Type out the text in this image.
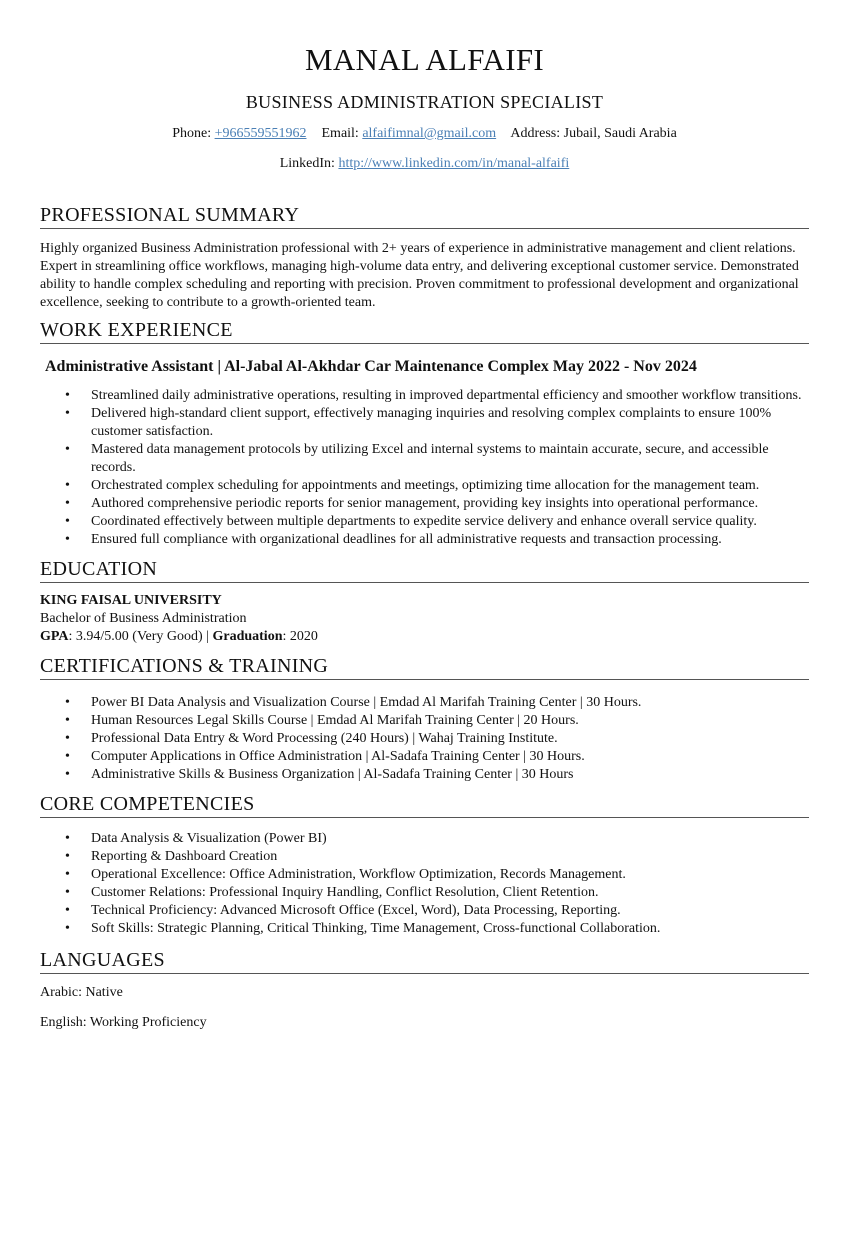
MANAL ALFAIFI
BUSINESS ADMINISTRATION SPECIALIST
Phone: +966559551962 Email: alfaifimnal@gmail.com Address: Jubail, Saudi Arabia
LinkedIn: http://www.linkedin.com/in/manal-alfaifi
PROFESSIONAL SUMMARY

Highly organized Business Administration professional with 2+ years of experience in administrative management and client relations. Expert in streamlining office workflows, managing high-volume data entry, and delivering exceptional customer service. Demonstrated ability to handle complex scheduling and reporting with precision. Proven commitment to professional development and organizational excellence, seeking to contribute to a growth-oriented team.

WORK EXPERIENCE
Administrative Assistant | Al-Jabal Al-Akhdar Car Maintenance Complex May 2022 - Nov 2024
• Streamlined daily administrative operations, resulting in improved departmental efficiency and smoother workflow transitions.
• Delivered high-standard client support, effectively managing inquiries and resolving complex complaints to ensure 100% customer satisfaction.
• Mastered data management protocols by utilizing Excel and internal systems to maintain accurate, secure, and accessible records.
• Orchestrated complex scheduling for appointments and meetings, optimizing time allocation for the management team.
• Authored comprehensive periodic reports for senior management, providing key insights into operational performance.
• Coordinated effectively between multiple departments to expedite service delivery and enhance overall service quality.
• Ensured full compliance with organizational deadlines for all administrative requests and transaction processing.
EDUCATION
KING FAISAL UNIVERSITY
Bachelor of Business Administration
GPA: 3.94/5.00 (Very Good) | Graduation: 2020
CERTIFICATIONS & TRAINING
• Power BI Data Analysis and Visualization Course | Emdad Al Marifah Training Center | 30 Hours.
• Human Resources Legal Skills Course | Emdad Al Marifah Training Center | 20 Hours.
• Professional Data Entry & Word Processing (240 Hours) | Wahaj Training Institute.
• Computer Applications in Office Administration | Al-Sadafa Training Center | 30 Hours.
• Administrative Skills & Business Organization | Al-Sadafa Training Center | 30 Hours
CORE COMPETENCIES
• Data Analysis & Visualization (Power BI)
• Reporting & Dashboard Creation
• Operational Excellence: Office Administration, Workflow Optimization, Records Management.
• Customer Relations: Professional Inquiry Handling, Conflict Resolution, Client Retention.
• Technical Proficiency: Advanced Microsoft Office (Excel, Word), Data Processing, Reporting.
• Soft Skills: Strategic Planning, Critical Thinking, Time Management, Cross-functional Collaboration.
LANGUAGES
Arabic: Native
English: Working Proficiency
